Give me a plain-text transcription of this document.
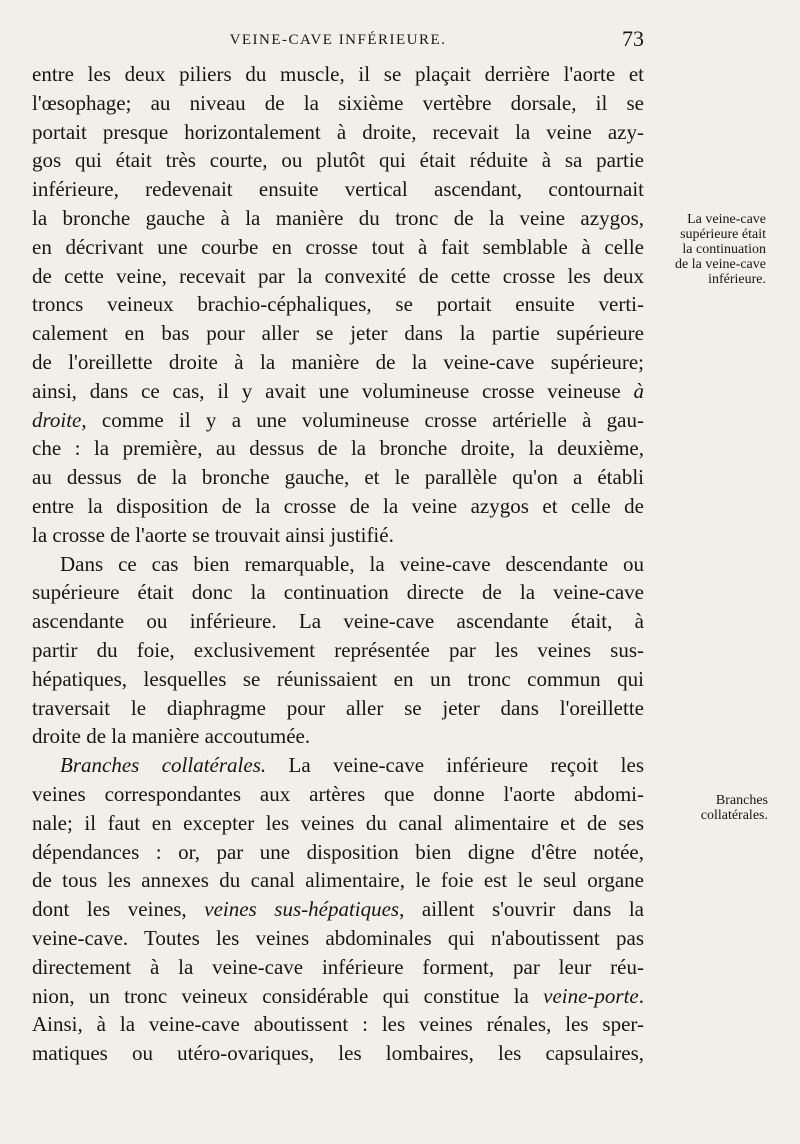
VEINE-CAVE INFÉRIEURE.	73
entre les deux piliers du muscle, il se plaçait derrière l'aorte et
l'œsophage; au niveau de la sixième vertèbre dorsale, il se
portait presque horizontalement à droite, recevait la veine azy-
gos qui était très courte, ou plutôt qui était réduite à sa partie
inférieure, redevenait ensuite vertical ascendant, contournait
la bronche gauche à la manière du tronc de la veine azygos,
en décrivant une courbe en crosse tout à fait semblable à celle
de cette veine, recevait par la convexité de cette crosse les deux
troncs veineux brachio-céphaliques, se portait ensuite verti-
calement en bas pour aller se jeter dans la partie supérieure
de l'oreillette droite à la manière de la veine-cave supérieure;
ainsi, dans ce cas, il y avait une volumineuse crosse veineuse à
droite, comme il y a une volumineuse crosse artérielle à gau-
che : la première, au dessus de la bronche droite, la deuxième,
au dessus de la bronche gauche, et le parallèle qu'on a établi
entre la disposition de la crosse de la veine azygos et celle de
la crosse de l'aorte se trouvait ainsi justifié.
Dans ce cas bien remarquable, la veine-cave descendante ou
supérieure était donc la continuation directe de la veine-cave
ascendante ou inférieure. La veine-cave ascendante était, à
partir du foie, exclusivement représentée par les veines sus-
hépatiques, lesquelles se réunissaient en un tronc commun qui
traversait le diaphragme pour aller se jeter dans l'oreillette
droite de la manière accoutumée.
Branches collatérales. La veine-cave inférieure reçoit les
veines correspondantes aux artères que donne l'aorte abdomi-
nale; il faut en excepter les veines du canal alimentaire et de ses
dépendances : or, par une disposition bien digne d'être notée,
de tous les annexes du canal alimentaire, le foie est le seul organe
dont les veines, veines sus-hépatiques, aillent s'ouvrir dans la
veine-cave. Toutes les veines abdominales qui n'aboutissent pas
directement à la veine-cave inférieure forment, par leur réu-
nion, un tronc veineux considérable qui constitue la veine-porte.
Ainsi, à la veine-cave aboutissent : les veines rénales, les sper-
matiques ou utéro-ovariques, les lombaires, les capsulaires,
La veine-cave
supérieure était
la continuation
de la veine-cave
inférieure.
Branches
collatérales.
